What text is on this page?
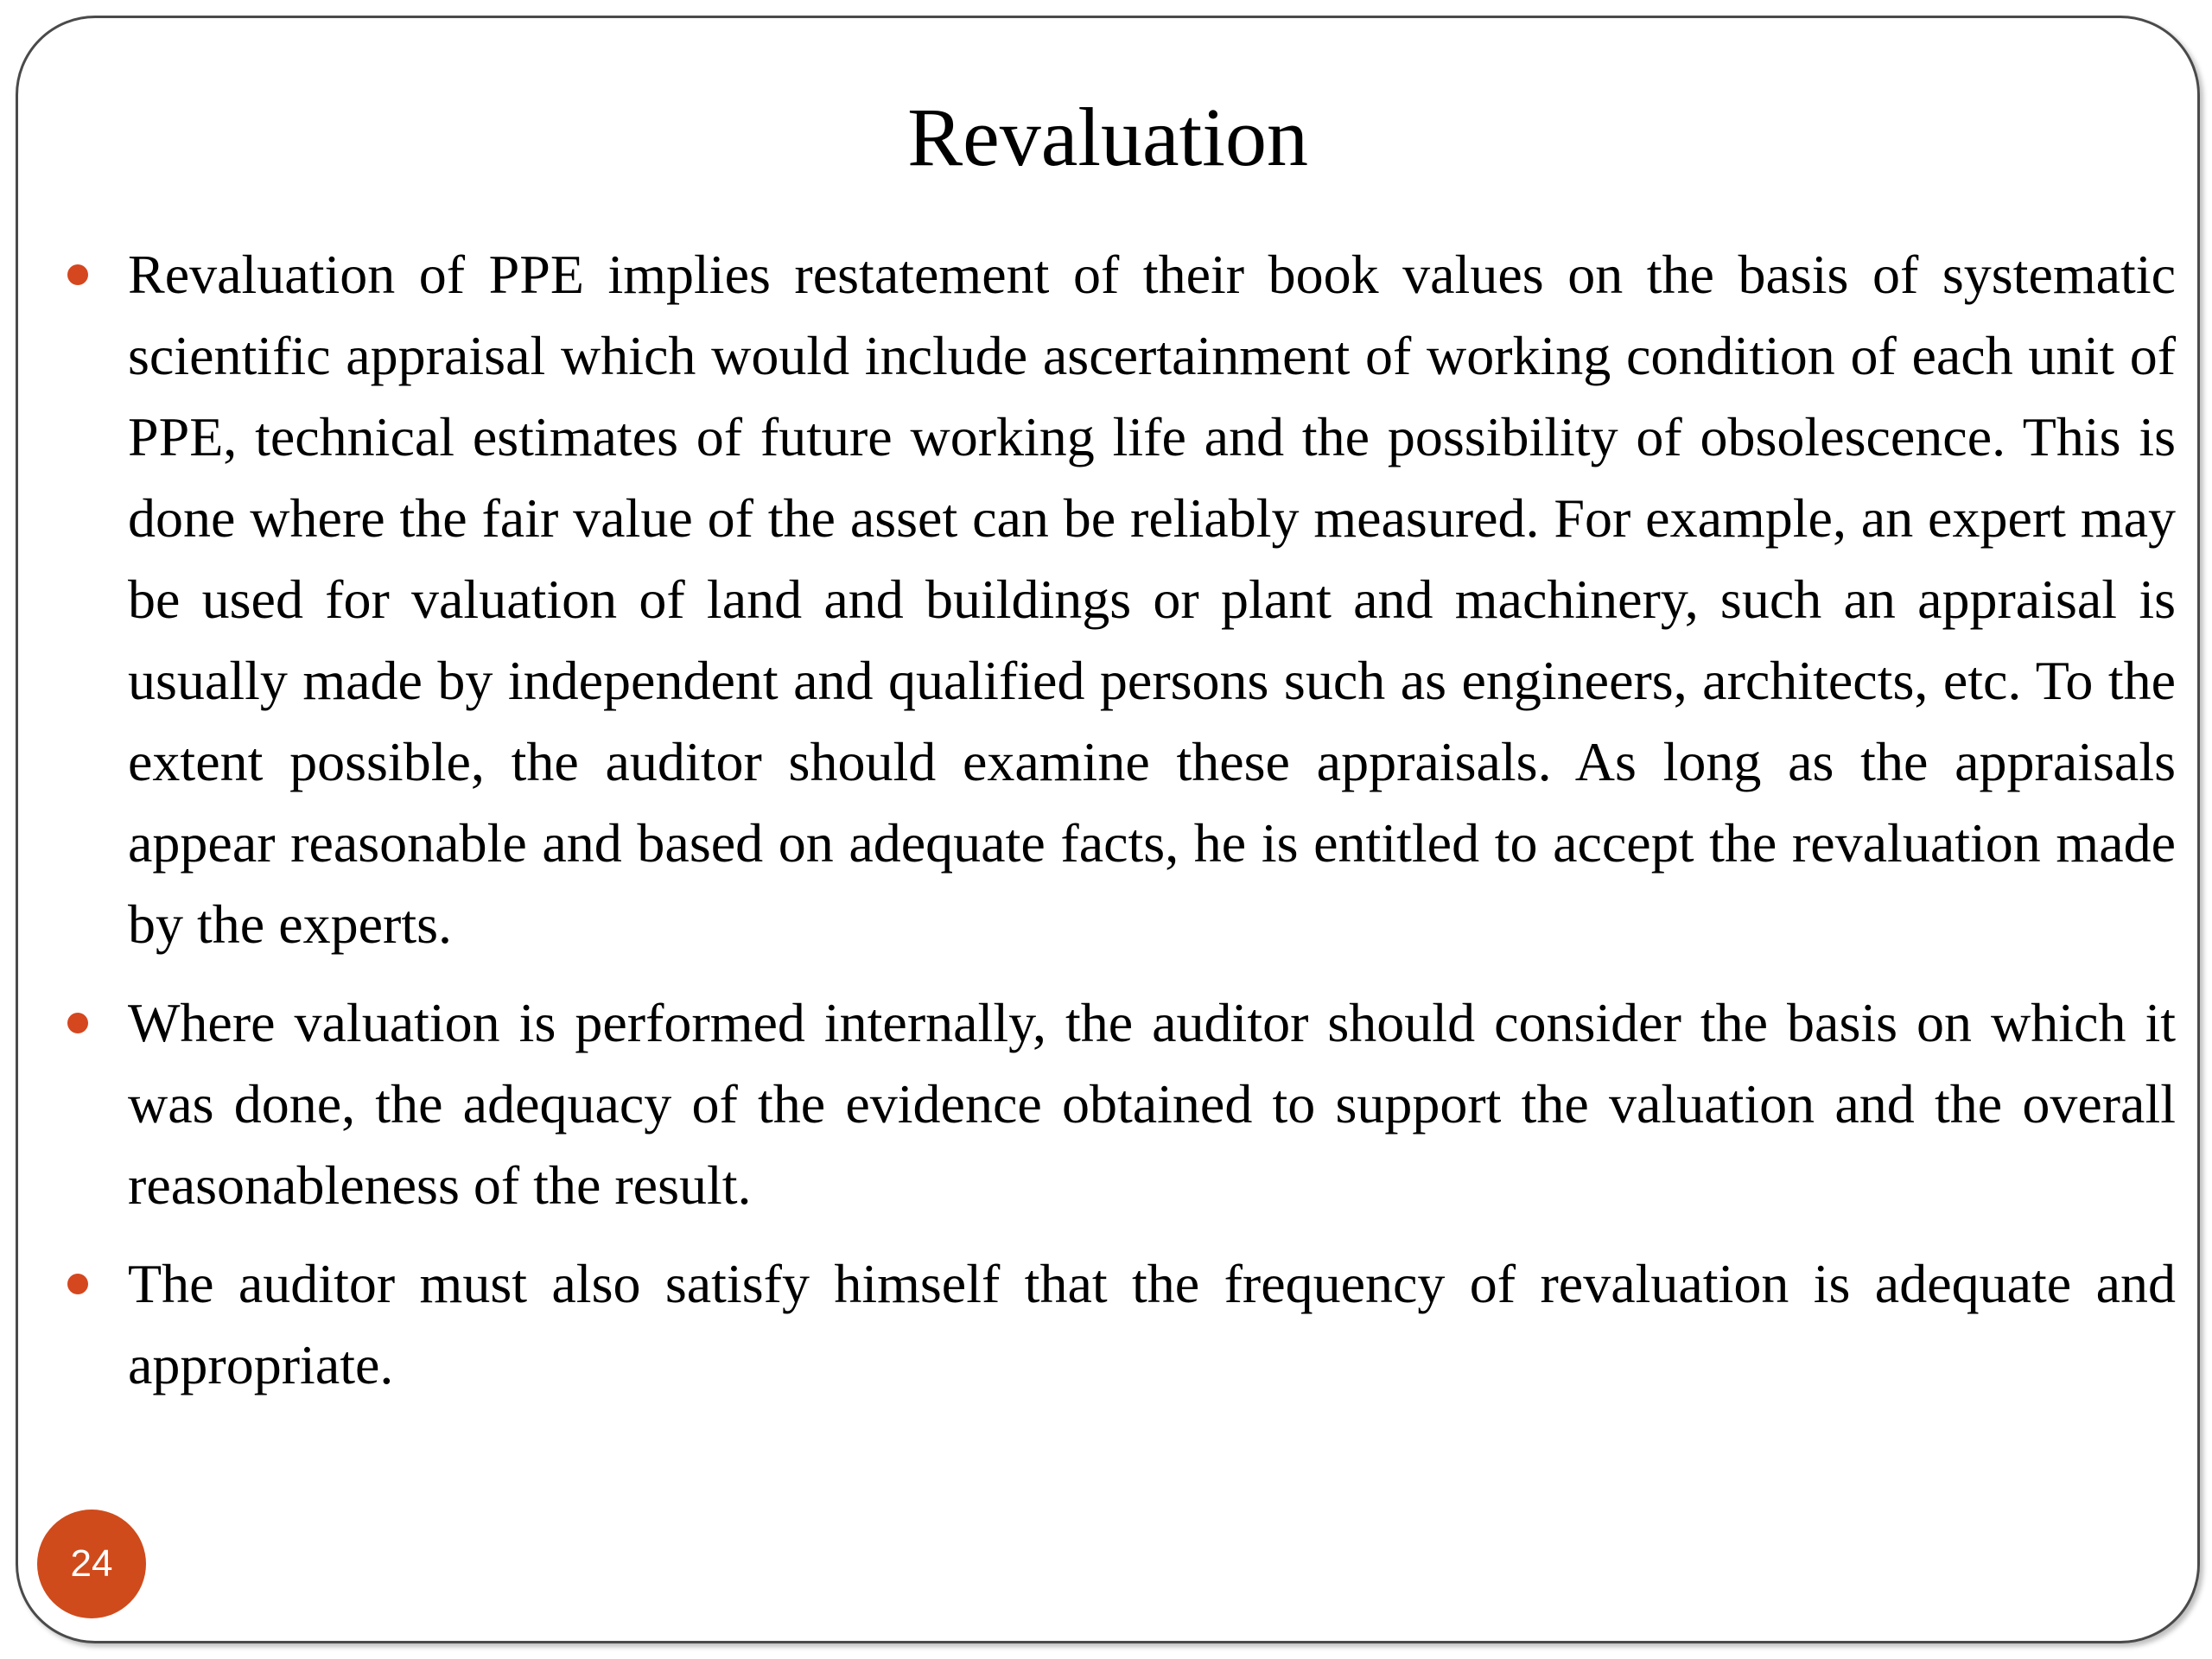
Revaluation
Revaluation of PPE implies restatement of their book values on the basis of systematic scientific appraisal which would include ascertainment of working condition of each unit of PPE, technical estimates of future working life and the possibility of obsolescence. This is done where the fair value of the asset can be reliably measured. For example, an expert may be used for valuation of land and buildings or plant and machinery, such an appraisal is usually made by independent and qualified persons such as engineers, architects, etc. To the extent possible, the auditor should examine these appraisals. As long as the appraisals appear reasonable and based on adequate facts, he is entitled to accept the revaluation made by the experts.
Where valuation is performed internally, the auditor should consider the basis on which it was done, the adequacy of the evidence obtained to support the valuation and the overall reasonableness of the result.
The auditor must also satisfy himself that the frequency of revaluation is adequate and appropriate.
24
